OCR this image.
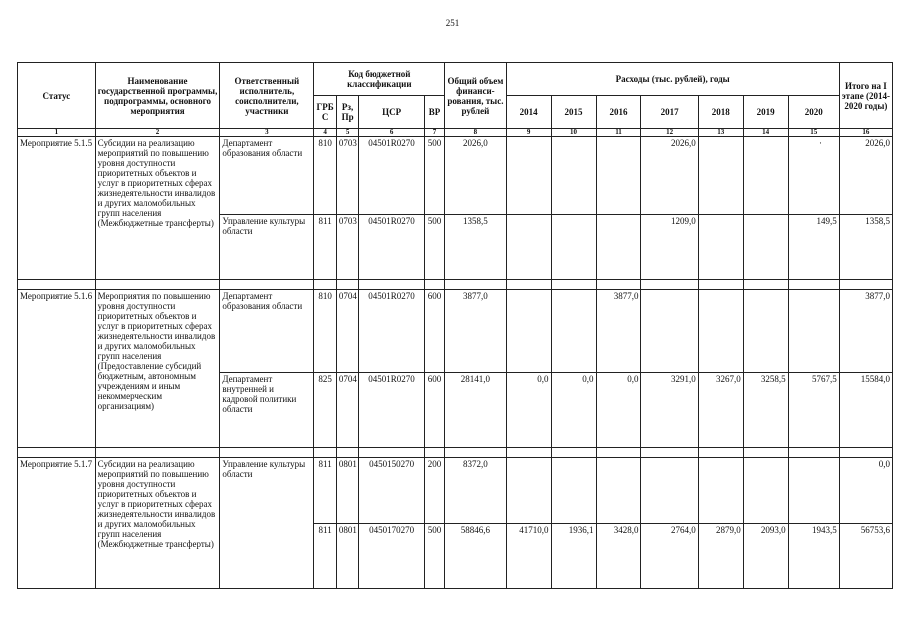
251
Статус	Наименование государственной программы, подпрограммы, основного мероприятия	Ответственный исполнитель, соисполнители, участники	Код бюджетной классификации				Общий объем финанси-рования, тыс. рублей	Расходы (тыс. рублей), годы							Итого на I этапе (2014-2020 годы)
			ГРБ С	Рз, Пр	ЦСР	ВР		2014	2015	2016	2017	2018	2019	2020	
1	2	3	4	5	6	7	8	9	10	11	12	13	14	15	16
Мероприятие 5.1.5	Субсидии на реализацию мероприятий по повышению уровня доступности приоритетных объектов и услуг в приоритетных сферах жизнедеятельности инвалидов и других маломобильных групп населения (Межбюджетные трансферты)	Департамент образования области	810	0703	04501R0270	500	2026,0				2026,0				2026,0
		Управление культуры области	811	0703	04501R0270	500	1358,5				1209,0			149,5	1358,5

Мероприятие 5.1.6	Мероприятия по повышению уровня доступности приоритетных объектов и услуг в приоритетных сферах жизнедеятельности инвалидов и других маломобильных групп населения (Предоставление субсидий бюджетным, автономным учреждениям и иным некоммерческим организациям)	Департамент образования области	810	0704	04501R0270	600	3877,0			3877,0					3877,0
		Департамент внутренней и кадровой политики области	825	0704	04501R0270	600	28141,0	0,0	0,0	0,0	3291,0	3267,0	3258,5	5767,5	15584,0

Мероприятие 5.1.7	Субсидии на реализацию мероприятий по повышению уровня доступности приоритетных объектов и услуг в приоритетных сферах жизнедеятельности инвалидов и других маломобильных групп населения (Межбюджетные трансферты)	Управление культуры области	811	0801	0450150270	200	8372,0								0,0
			811	0801	0450170270	500	58846,6	41710,0	1936,1	3428,0	2764,0	2879,0	2093,0	1943,5	56753,6
·
